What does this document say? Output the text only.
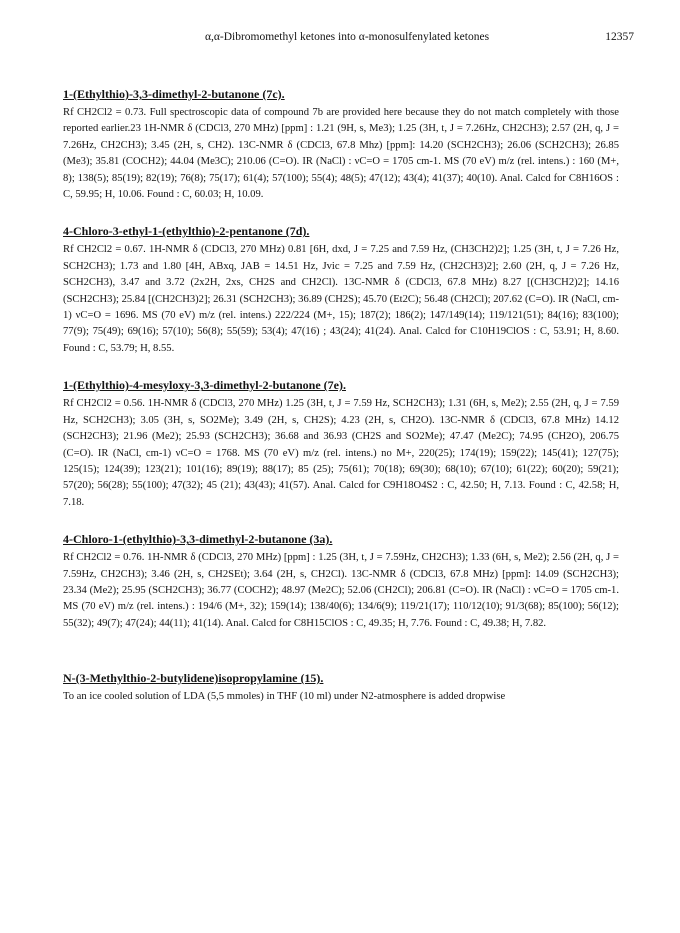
α,α-Dibromomethyl ketones into α-monosulfenylated ketones	12357

1-(Ethylthio)-3,3-dimethyl-2-butanone (7c).

Rf CH2Cl2 = 0.73. Full spectroscopic data of compound 7b are provided here because they do not match completely with those reported earlier.23 1H-NMR δ (CDCl3, 270 MHz) [ppm] : 1.21 (9H, s, Me3); 1.25 (3H, t, J = 7.26Hz, CH2CH3); 2.57 (2H, q, J = 7.26Hz, CH2CH3); 3.45 (2H, s, CH2). 13C-NMR δ (CDCl3, 67.8 Mhz) [ppm]: 14.20 (SCH2CH3); 26.06 (SCH2CH3); 26.85 (Me3); 35.81 (COCH2); 44.04 (Me3C); 210.06 (C=O). IR (NaCl) : νC=O = 1705 cm-1. MS (70 eV) m/z (rel. intens.) : 160 (M+, 8); 138(5); 85(19); 82(19); 76(8); 75(17); 61(4); 57(100); 55(4); 48(5); 47(12); 43(4); 41(37); 40(10). Anal. Calcd for C8H16OS : C, 59.95; H, 10.06. Found : C, 60.03; H, 10.09.

4-Chloro-3-ethyl-1-(ethylthio)-2-pentanone (7d).

Rf CH2Cl2 = 0.67. 1H-NMR δ (CDCl3, 270 MHz) 0.81 [6H, dxd, J = 7.25 and 7.59 Hz, (CH3CH2)2]; 1.25 (3H, t, J = 7.26 Hz, SCH2CH3); 1.73 and 1.80 [4H, ABxq, JAB = 14.51 Hz, Jvic = 7.25 and 7.59 Hz, (CH2CH3)2]; 2.60 (2H, q, J = 7.26 Hz, SCH2CH3), 3.47 and 3.72 (2x2H, 2xs, CH2S and CH2Cl). 13C-NMR δ (CDCl3, 67.8 MHz) 8.27 [(CH3CH2)2]; 14.16 (SCH2CH3); 25.84 [(CH2CH3)2]; 26.31 (SCH2CH3); 36.89 (CH2S); 45.70 (Et2C); 56.48 (CH2Cl); 207.62 (C=O). IR (NaCl, cm-1) νC=O = 1696. MS (70 eV) m/z (rel. intens.) 222/224 (M+, 15); 187(2); 186(2); 147/149(14); 119/121(51); 84(16); 83(100); 77(9); 75(49); 69(16); 57(10); 56(8); 55(59); 53(4); 47(16) ; 43(24); 41(24). Anal. Calcd for C10H19ClOS : C, 53.91; H, 8.60. Found : C, 53.79; H, 8.55.

1-(Ethylthio)-4-mesyloxy-3,3-dimethyl-2-butanone (7e).

Rf CH2Cl2 = 0.56. 1H-NMR δ (CDCl3, 270 MHz) 1.25 (3H, t, J = 7.59 Hz, SCH2CH3); 1.31 (6H, s, Me2); 2.55 (2H, q, J = 7.59 Hz, SCH2CH3); 3.05 (3H, s, SO2Me); 3.49 (2H, s, CH2S); 4.23 (2H, s, CH2O). 13C-NMR δ (CDCl3, 67.8 MHz) 14.12 (SCH2CH3); 21.96 (Me2); 25.93 (SCH2CH3); 36.68 and 36.93 (CH2S and SO2Me); 47.47 (Me2C); 74.95 (CH2O), 206.75 (C=O). IR (NaCl, cm-1) νC=O = 1768. MS (70 eV) m/z (rel. intens.) no M+, 220(25); 174(19); 159(22); 145(41); 127(75); 125(15); 124(39); 123(21); 101(16); 89(19); 88(17); 85 (25); 75(61); 70(18); 69(30); 68(10); 67(10); 61(22); 60(20); 59(21); 57(20); 56(28); 55(100); 47(32); 45 (21); 43(43); 41(57). Anal. Calcd for C9H18O4S2 : C, 42.50; H, 7.13. Found : C, 42.58; H, 7.18.

4-Chloro-1-(ethylthio)-3,3-dimethyl-2-butanone (3a).

Rf CH2Cl2 = 0.76. 1H-NMR δ (CDCl3, 270 MHz) [ppm] : 1.25 (3H, t, J = 7.59Hz, CH2CH3); 1.33 (6H, s, Me2); 2.56 (2H, q, J = 7.59Hz, CH2CH3); 3.46 (2H, s, CH2SEt); 3.64 (2H, s, CH2Cl). 13C-NMR δ (CDCl3, 67.8 MHz) [ppm]: 14.09 (SCH2CH3); 23.34 (Me2); 25.95 (SCH2CH3); 36.77 (COCH2); 48.97 (Me2C); 52.06 (CH2Cl); 206.81 (C=O). IR (NaCl) : νC=O = 1705 cm-1. MS (70 eV) m/z (rel. intens.) : 194/6 (M+, 32); 159(14); 138/40(6); 134/6(9); 119/21(17); 110/12(10); 91/3(68); 85(100); 56(12); 55(32); 49(7); 47(24); 44(11); 41(14). Anal. Calcd for C8H15ClOS : C, 49.35; H, 7.76. Found : C, 49.38; H, 7.82.

N-(3-Methylthio-2-butylidene)isopropylamine (15).

To an ice cooled solution of LDA (5,5 mmoles) in THF (10 ml) under N2-atmosphere is added dropwise
